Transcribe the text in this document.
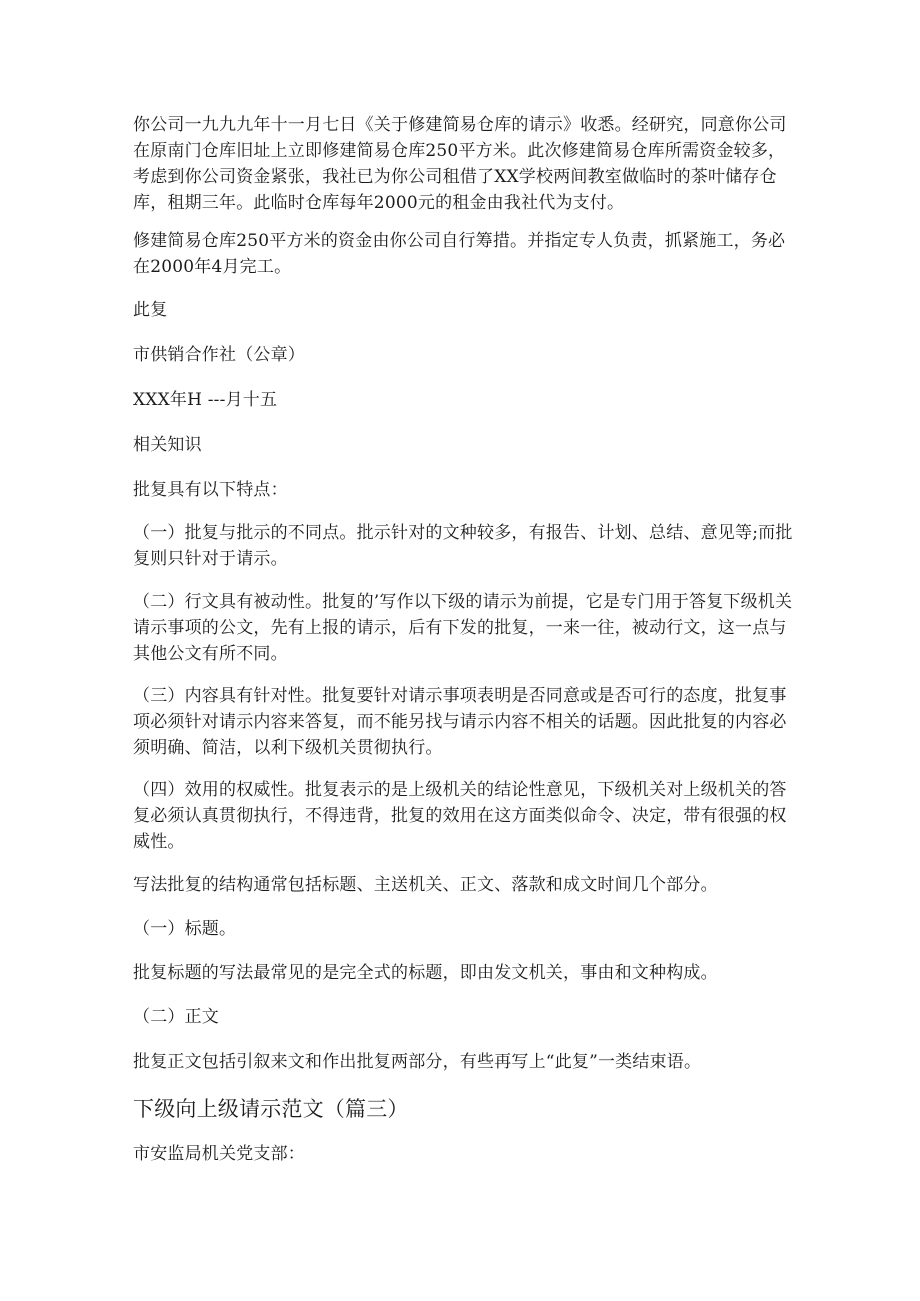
你公司一九九九年十一月七日《关于修建简易仓库的请示》收悉。经研究，同意你公司在原南门仓库旧址上立即修建简易仓库250平方米。此次修建简易仓库所需资金较多，考虑到你公司资金紧张，我社已为你公司租借了XX学校两间教室做临时的茶叶储存仓库，租期三年。此临时仓库每年2000元的租金由我社代为支付。

修建简易仓库250平方米的资金由你公司自行筹措。并指定专人负责，抓紧施工，务必在2000年4月完工。

此复

市供销合作社（公章）

XXX年H ---月十五

相关知识

批复具有以下特点：

（一）批复与批示的不同点。批示针对的文种较多，有报告、计划、总结、意见等;而批复则只针对于请示。

（二）行文具有被动性。批复的’写作以下级的请示为前提，它是专门用于答复下级机关请示事项的公文，先有上报的请示，后有下发的批复，一来一往，被动行文，这一点与其他公文有所不同。

（三）内容具有针对性。批复要针对请示事项表明是否同意或是否可行的态度，批复事项必须针对请示内容来答复，而不能另找与请示内容不相关的话题。因此批复的内容必须明确、简洁，以利下级机关贯彻执行。

（四）效用的权威性。批复表示的是上级机关的结论性意见，下级机关对上级机关的答复必须认真贯彻执行，不得违背，批复的效用在这方面类似命令、决定，带有很强的权威性。

写法批复的结构通常包括标题、主送机关、正文、落款和成文时间几个部分。

（一）标题。

批复标题的写法最常见的是完全式的标题，即由发文机关，事由和文种构成。

（二）正文

批复正文包括引叙来文和作出批复两部分，有些再写上“此复”一类结束语。

下级向上级请示范文（篇三）

市安监局机关党支部：
